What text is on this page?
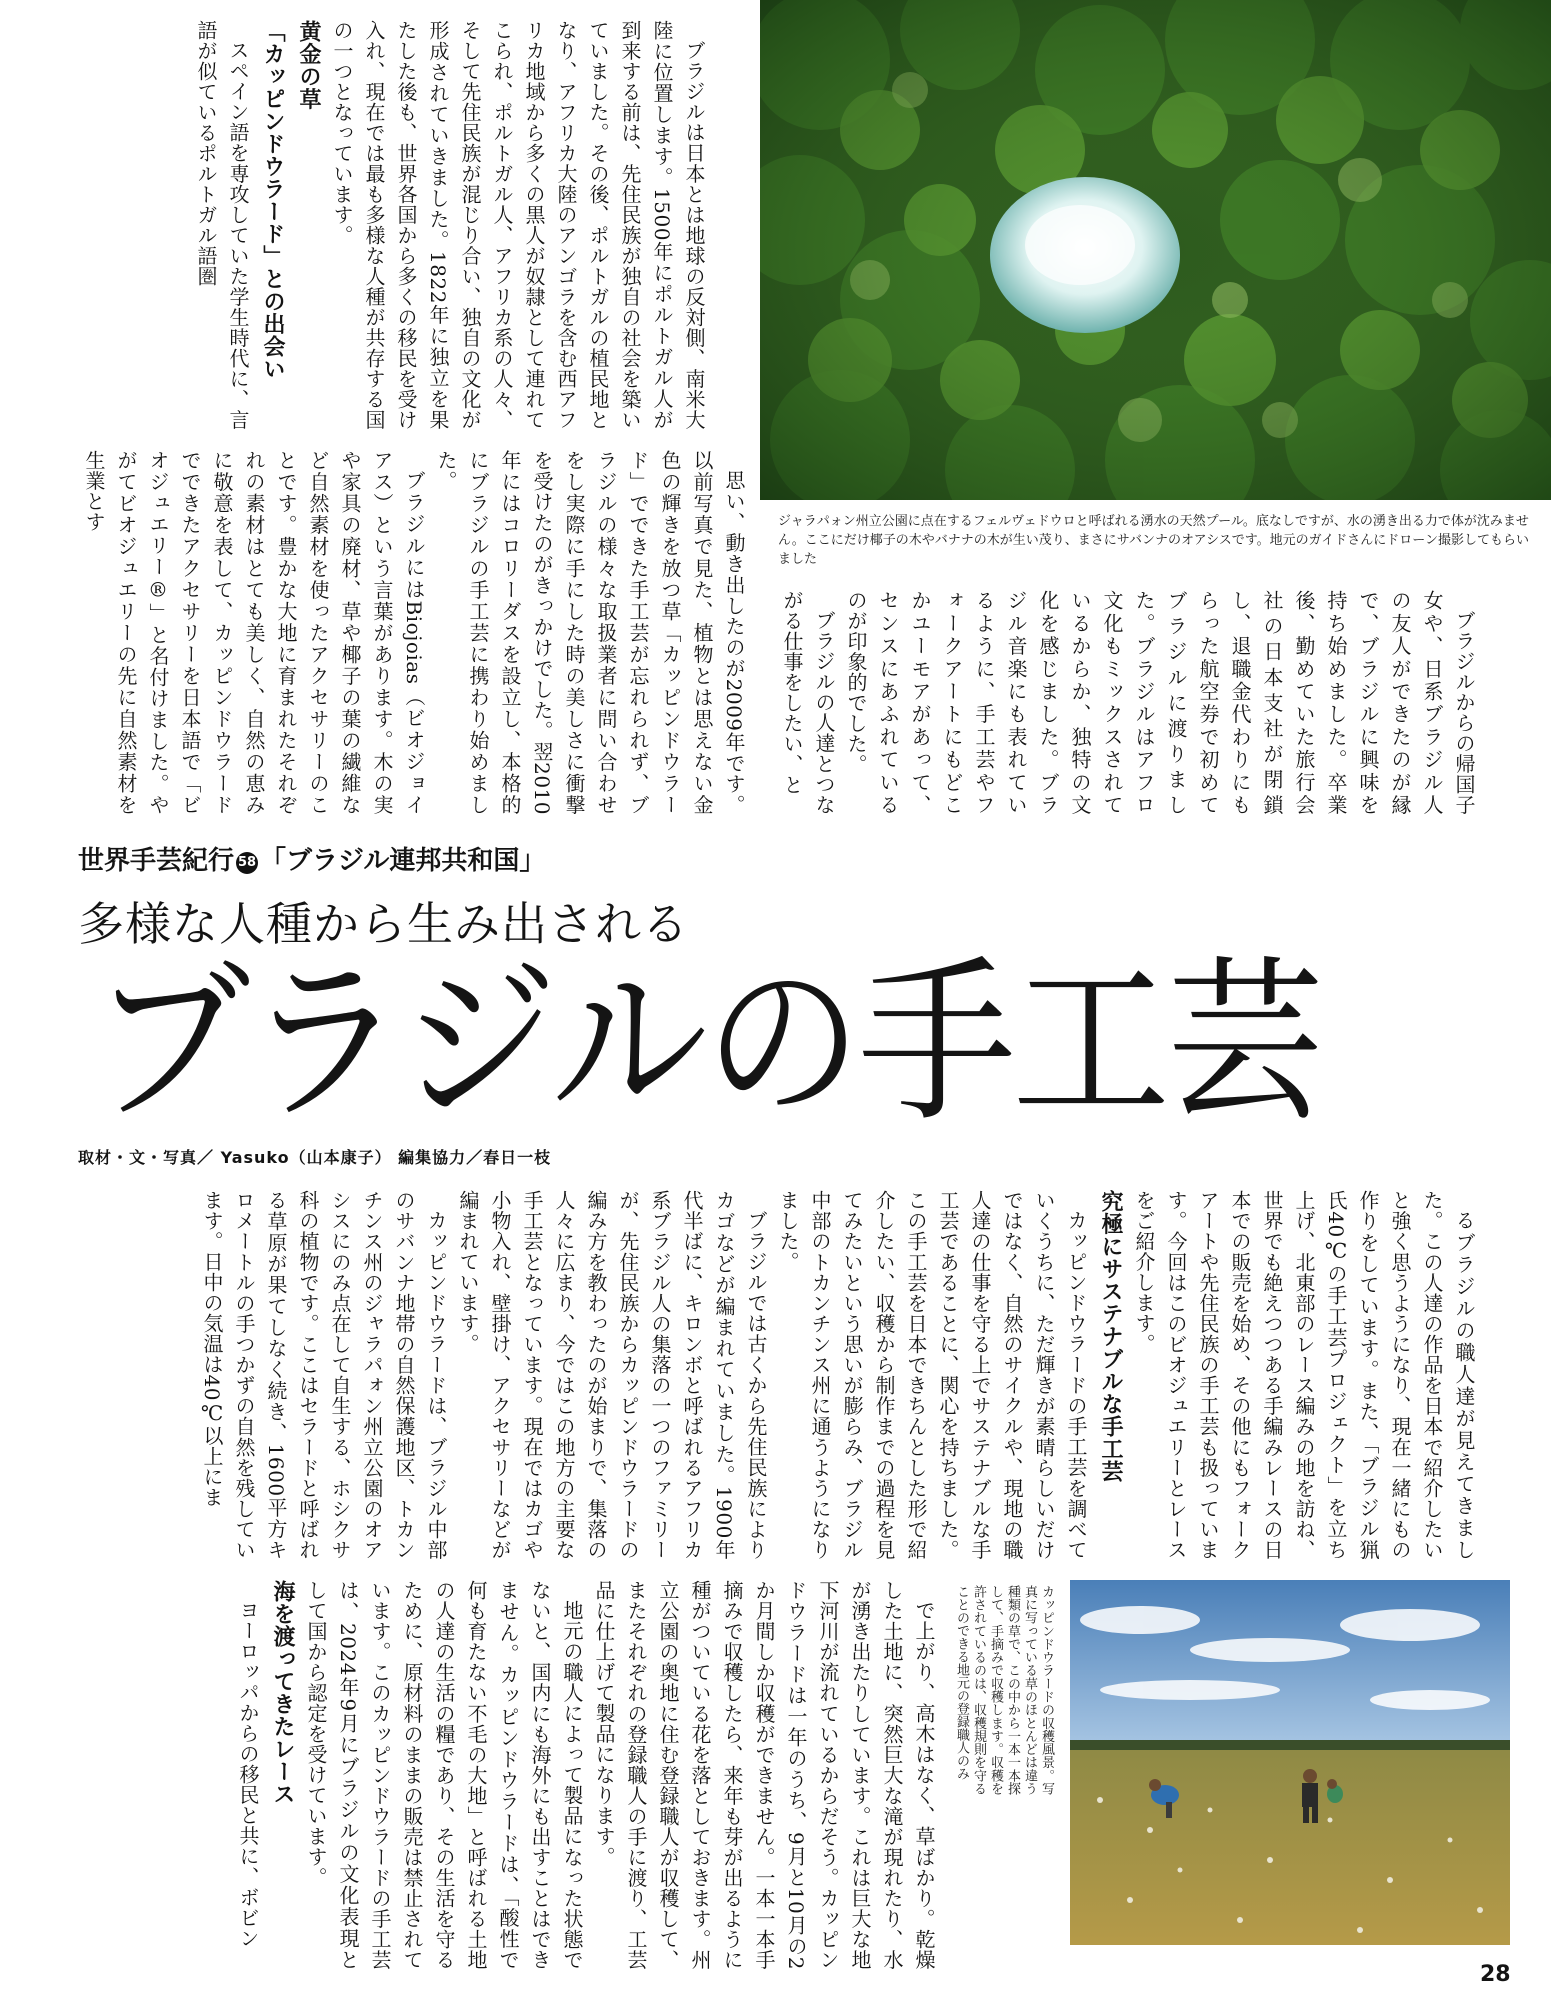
ジャラパォン州立公園に点在するフェルヴェドウロと呼ばれる湧水の天然プール。底なしですが、水の湧き出る力で体が沈みません。ここにだけ椰子の木やバナナの木が生い茂り、まさにサバンナのオアシスです。地元のガイドさんにドローン撮影してもらいました

ブラジルは日本とは地球の反対側、南米大陸に位置します。1500年にポルトガル人が到来する前は、先住民族が独自の社会を築いていました。その後、ポルトガルの植民地となり、アフリカ大陸のアンゴラを含む西アフリカ地域から多くの黒人が奴隷として連れてこられ、ポルトガル人、アフリカ系の人々、そして先住民族が混じり合い、独自の文化が形成されていきました。1822年に独立を果たした後も、世界各国から多くの移民を受け入れ、現在では最も多様な人種が共存する国の一つとなっています。

黄金の草
「カッピンドウラード」との出会い

スペイン語を専攻していた学生時代に、言語が似ているポルトガル語圏

思い、動き出したのが2009年です。以前写真で見た、植物とは思えない金色の輝きを放つ草「カッピンドウラード」でできた手工芸が忘れられず、ブラジルの様々な取扱業者に問い合わせをし実際に手にした時の美しさに衝撃を受けたのがきっかけでした。翌2010年にはコロリーダスを設立し、本格的にブラジルの手工芸に携わり始めました。

ブラジルにはBiojoias（ビオジョイアス）という言葉があります。木の実や家具の廃材、草や椰子の葉の繊維など自然素材を使ったアクセサリーのことです。豊かな大地に育まれたそれぞれの素材はとても美しく、自然の恵みに敬意を表して、カッピンドウラードでできたアクセサリーを日本語で「ビオジュエリー®」と名付けました。やがてビオジュエリーの先に自然素材を生業とす

ブラジルからの帰国子女や、日系ブラジル人の友人ができたのが縁で、ブラジルに興味を持ち始めました。卒業後、勤めていた旅行会社の日本支社が閉鎖し、退職金代わりにもらった航空券で初めてブラジルに渡りました。ブラジルはアフロ文化もミックスされているからか、独特の文化を感じました。ブラジル音楽にも表れているように、手工芸やフォークアートにもどこかユーモアがあって、センスにあふれているのが印象的でした。

ブラジルの人達とつながる仕事をしたい、と

世界手芸紀行 58 「ブラジル連邦共和国」
多様な人種から生み出される
ブラジルの手工芸
取材・文・写真／ Yasuko（山本康子） 編集協力／春日一枝

るブラジルの職人達が見えてきました。この人達の作品を日本で紹介したいと強く思うようになり、現在一緒にもの作りをしています。また、「ブラジル猟氏40℃の手工芸プロジェクト」を立ち上げ、北東部のレース編みの地を訪ね、世界でも絶えつつある手編みレースの日本での販売を始め、その他にもフォークアートや先住民族の手工芸も扱っています。今回はこのビオジュエリーとレースをご紹介します。

究極にサステナブルな手工芸

カッピンドウラードの手工芸を調べていくうちに、ただ輝きが素晴らしいだけではなく、自然のサイクルや、現地の職人達の仕事を守る上でサステナブルな手工芸であることに、関心を持ちました。この手工芸を日本できちんとした形で紹介したい、収穫から制作までの過程を見てみたいという思いが膨らみ、ブラジル中部のトカンチンス州に通うようになりました。

ブラジルでは古くから先住民族によりカゴなどが編まれていました。1900年代半ばに、キロンボと呼ばれるアフリカ系ブラジル人の集落の一つのファミリーが、先住民族からカッピンドウラードの編み方を教わったのが始まりで、集落の人々に広まり、今ではこの地方の主要な手工芸となっています。現在ではカゴや小物入れ、壁掛け、アクセサリーなどが編まれています。

カッピンドウラードは、ブラジル中部のサバンナ地帯の自然保護地区、トカンチンス州のジャラパォン州立公園のオアシスにのみ点在して自生する、ホシクサ科の植物です。ここはセラードと呼ばれる草原が果てしなく続き、1600平方キロメートルの手つかずの自然を残しています。日中の気温は40℃以上にま

で上がり、高木はなく、草ばかり。乾燥した土地に、突然巨大な滝が現れたり、水が湧き出たりしています。これは巨大な地下河川が流れているからだそう。カッピンドウラードは一年のうち、9月と10月の2か月間しか収穫ができません。一本一本手摘みで収穫したら、来年も芽が出るように種がついている花を落としておきます。州立公園の奥地に住む登録職人が収穫して、またそれぞれの登録職人の手に渡り、工芸品に仕上げて製品になります。

地元の職人によって製品になった状態でないと、国内にも海外にも出すことはできません。カッピンドウラードは、「酸性で何も育たない不毛の大地」と呼ばれる土地の人達の生活の糧であり、その生活を守るために、原材料のままの販売は禁止されています。このカッピンドウラードの手工芸は、2024年9月にブラジルの文化表現として国から認定を受けています。

海を渡ってきたレース

ヨーロッパからの移民と共に、ボビン	カッピンドウラードの収穫風景。写真に写っている草のほとんどは違う種類の草で、この中から一本一本探して、手摘みで収穫します。収穫を許されているのは、収穫規則を守ることのできる地元の登録職人のみ
28
